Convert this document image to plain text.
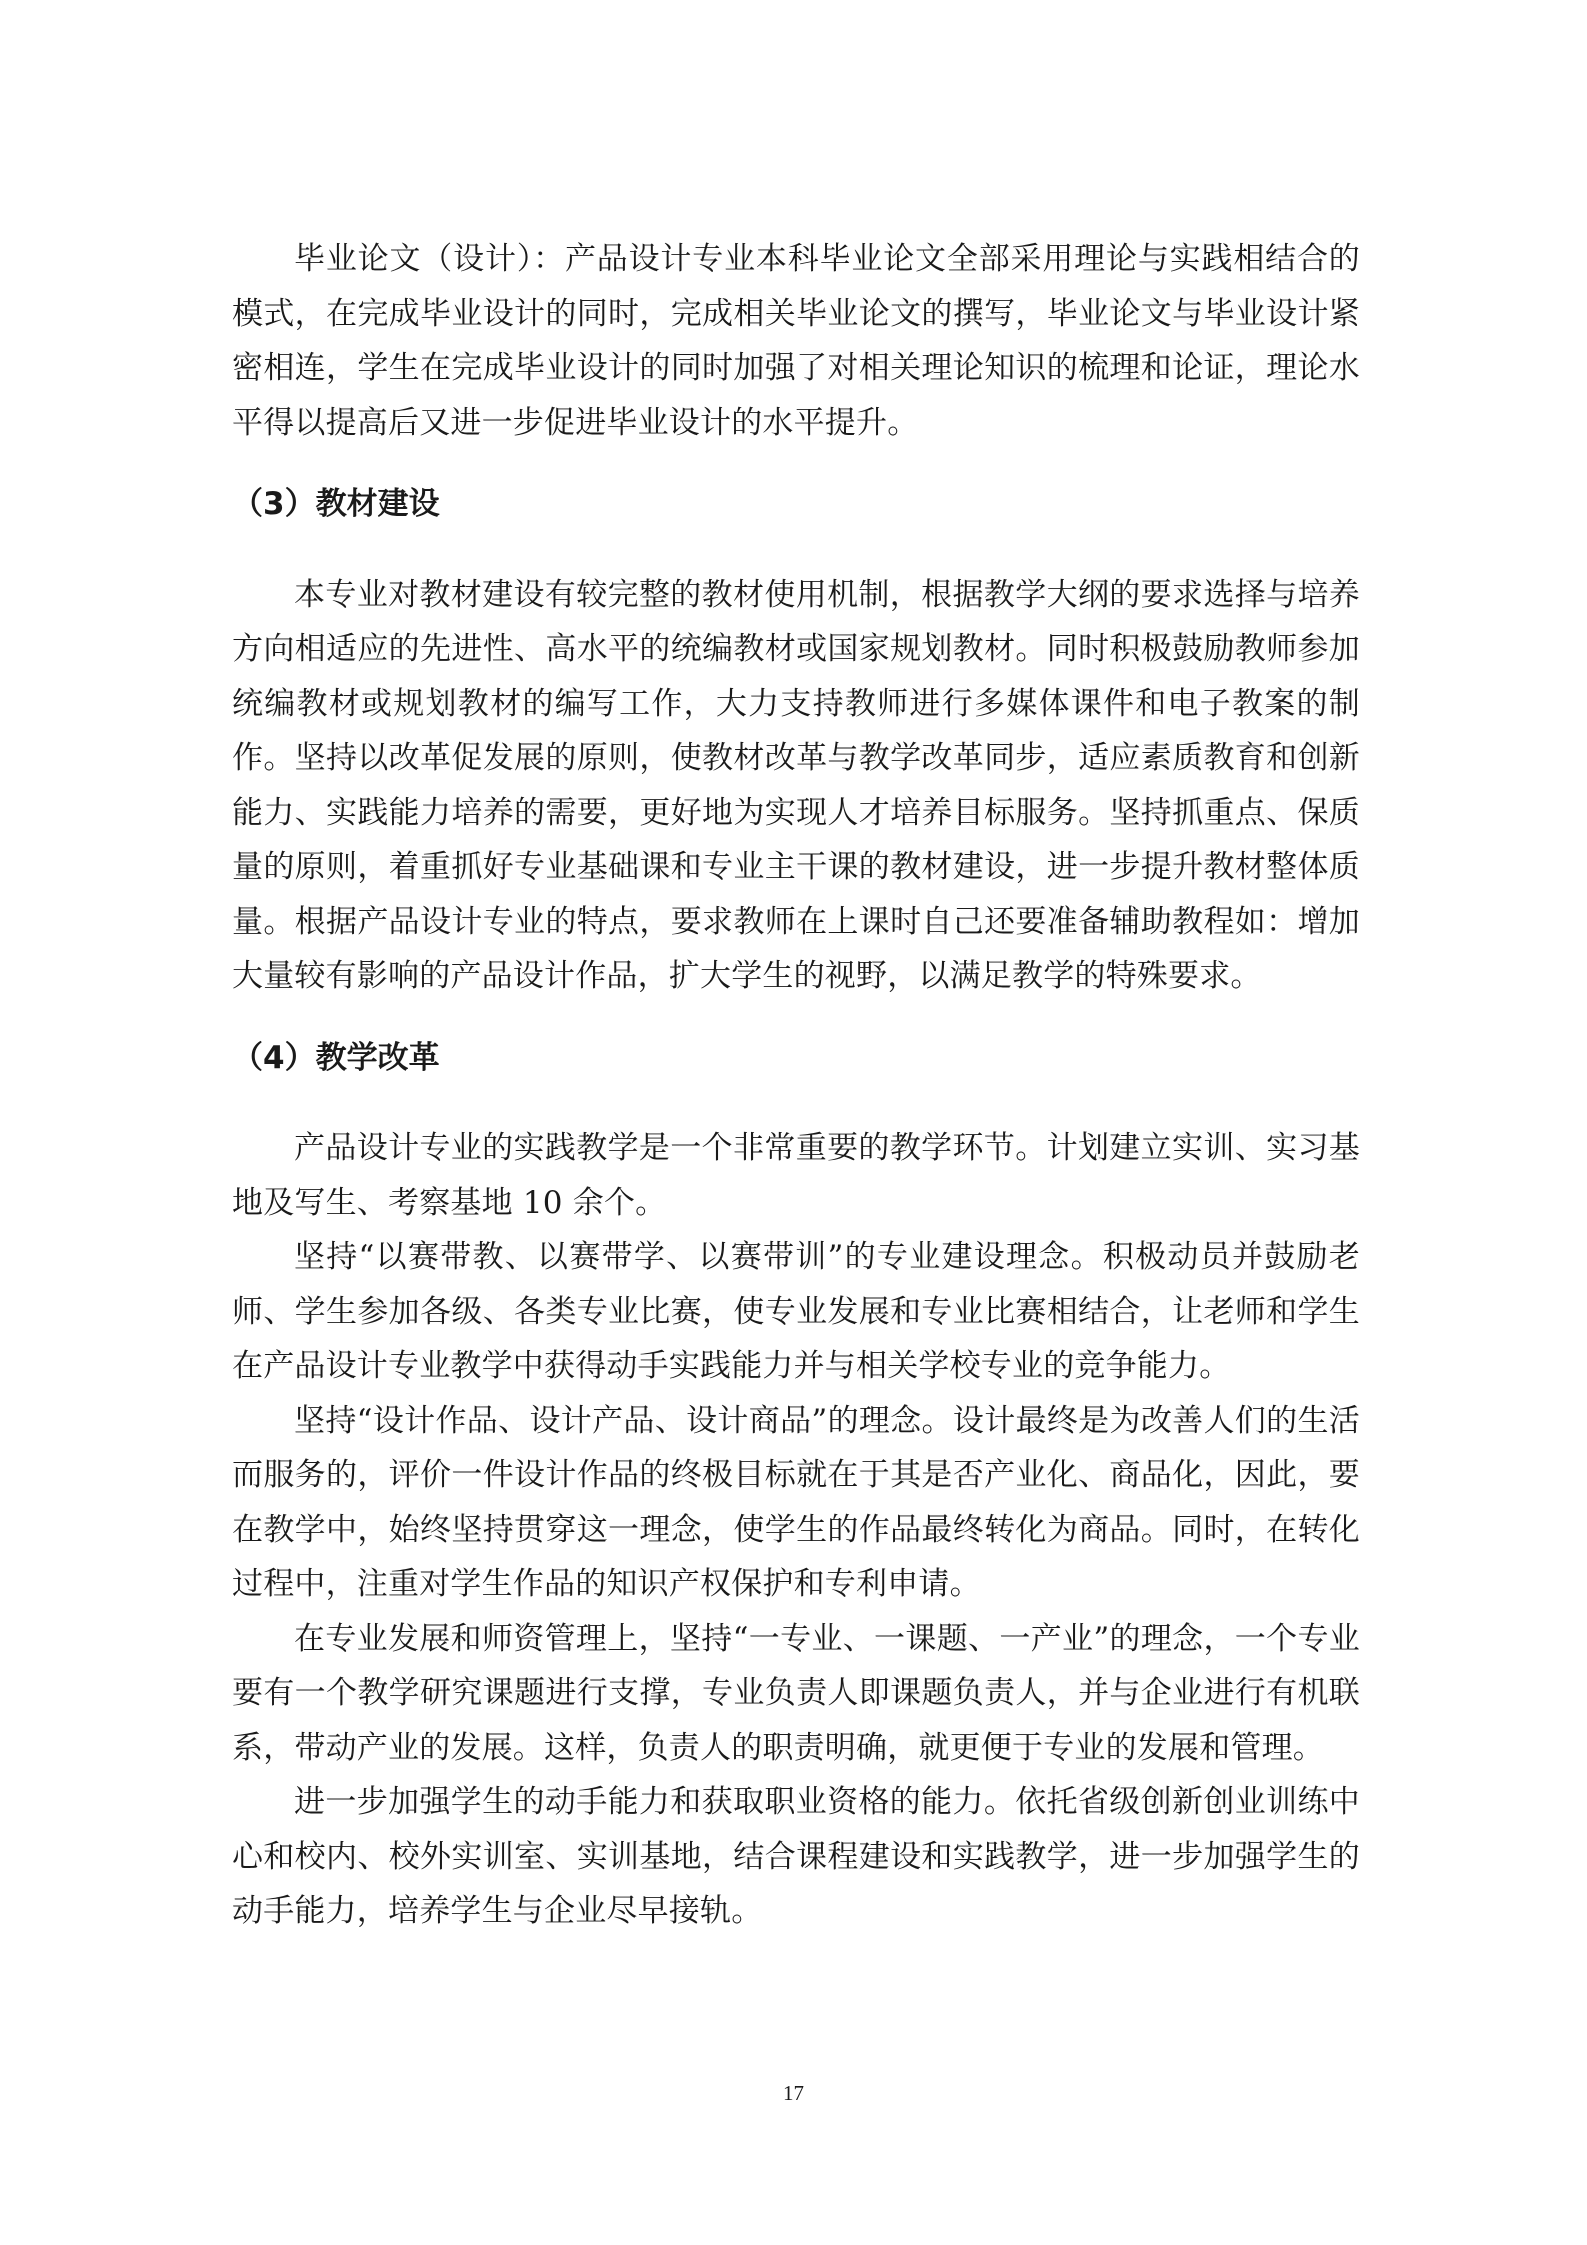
毕业论文（设计）：产品设计专业本科毕业论文全部采用理论与实践相结合的模式，在完成毕业设计的同时，完成相关毕业论文的撰写，毕业论文与毕业设计紧密相连，学生在完成毕业设计的同时加强了对相关理论知识的梳理和论证，理论水平得以提高后又进一步促进毕业设计的水平提升。

（3）教材建设

本专业对教材建设有较完整的教材使用机制，根据教学大纲的要求选择与培养方向相适应的先进性、高水平的统编教材或国家规划教材。同时积极鼓励教师参加统编教材或规划教材的编写工作，大力支持教师进行多媒体课件和电子教案的制作。坚持以改革促发展的原则，使教材改革与教学改革同步，适应素质教育和创新能力、实践能力培养的需要，更好地为实现人才培养目标服务。坚持抓重点、保质量的原则，着重抓好专业基础课和专业主干课的教材建设，进一步提升教材整体质量。根据产品设计专业的特点，要求教师在上课时自己还要准备辅助教程如：增加大量较有影响的产品设计作品，扩大学生的视野，以满足教学的特殊要求。

（4）教学改革

产品设计专业的实践教学是一个非常重要的教学环节。计划建立实训、实习基地及写生、考察基地 10 余个。

坚持“以赛带教、以赛带学、以赛带训”的专业建设理念。积极动员并鼓励老师、学生参加各级、各类专业比赛，使专业发展和专业比赛相结合，让老师和学生在产品设计专业教学中获得动手实践能力并与相关学校专业的竞争能力。

坚持“设计作品、设计产品、设计商品”的理念。设计最终是为改善人们的生活而服务的，评价一件设计作品的终极目标就在于其是否产业化、商品化，因此，要在教学中，始终坚持贯穿这一理念，使学生的作品最终转化为商品。同时，在转化过程中，注重对学生作品的知识产权保护和专利申请。

在专业发展和师资管理上，坚持“一专业、一课题、一产业”的理念，一个专业要有一个教学研究课题进行支撑，专业负责人即课题负责人，并与企业进行有机联系，带动产业的发展。这样，负责人的职责明确，就更便于专业的发展和管理。

进一步加强学生的动手能力和获取职业资格的能力。依托省级创新创业训练中心和校内、校外实训室、实训基地，结合课程建设和实践教学，进一步加强学生的动手能力，培养学生与企业尽早接轨。

17
